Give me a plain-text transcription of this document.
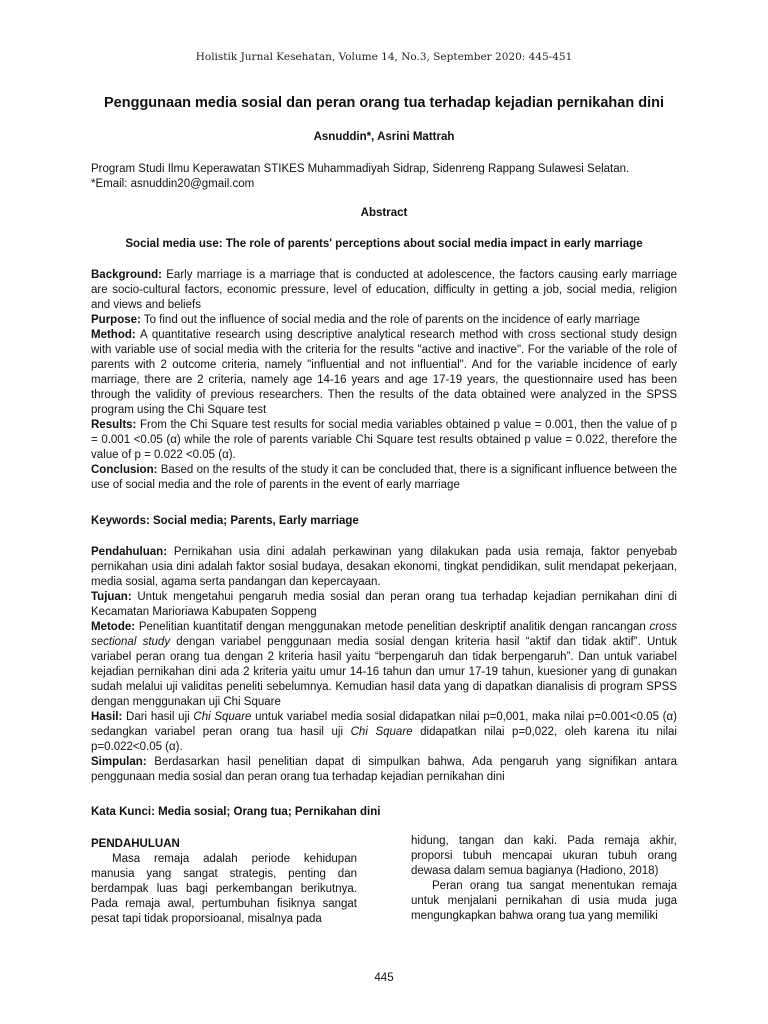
Holistik Jurnal Kesehatan, Volume 14, No.3, September 2020: 445-451
Penggunaan media sosial dan peran orang tua terhadap kejadian pernikahan dini
Asnuddin*, Asrini Mattrah
Program Studi Ilmu Keperawatan STIKES Muhammadiyah Sidrap, Sidenreng Rappang Sulawesi Selatan.
*Email: asnuddin20@gmail.com
Abstract
Social media use: The role of parents' perceptions about social media impact in early marriage

Background: Early marriage is a marriage that is conducted at adolescence, the factors causing early marriage are socio-cultural factors, economic pressure, level of education, difficulty in getting a job, social media, religion and views and beliefs

Purpose: To find out the influence of social media and the role of parents on the incidence of early marriage

Method: A quantitative research using descriptive analytical research method with cross sectional study design with variable use of social media with the criteria for the results "active and inactive". For the variable of the role of parents with 2 outcome criteria, namely "influential and not influential". And for the variable incidence of early marriage, there are 2 criteria, namely age 14-16 years and age 17-19 years, the questionnaire used has been through the validity of previous researchers. Then the results of the data obtained were analyzed in the SPSS program using the Chi Square test

Results: From the Chi Square test results for social media variables obtained p value = 0.001, then the value of p = 0.001 <0.05 (α) while the role of parents variable Chi Square test results obtained p value = 0.022, therefore the value of p = 0.022 <0.05 (α).

Conclusion: Based on the results of the study it can be concluded that, there is a significant influence between the use of social media and the role of parents in the event of early marriage

Keywords: Social media; Parents, Early marriage

Pendahuluan: Pernikahan usia dini adalah perkawinan yang dilakukan pada usia remaja, faktor penyebab pernikahan usia dini adalah faktor sosial budaya, desakan ekonomi, tingkat pendidikan, sulit mendapat pekerjaan, media sosial, agama serta pandangan dan kepercayaan.

Tujuan: Untuk mengetahui pengaruh media sosial dan peran orang tua terhadap kejadian pernikahan dini di Kecamatan Marioriawa Kabupaten Soppeng

Metode: Penelitian kuantitatif dengan menggunakan metode penelitian deskriptif analitik dengan rancangan cross sectional study dengan variabel penggunaan media sosial dengan kriteria hasil “aktif dan tidak aktif”. Untuk variabel peran orang tua dengan 2 kriteria hasil yaitu “berpengaruh dan tidak berpengaruh”. Dan untuk variabel kejadian pernikahan dini ada 2 kriteria yaitu umur 14-16 tahun dan umur 17-19 tahun, kuesioner yang di gunakan sudah melalui uji validitas peneliti sebelumnya. Kemudian hasil data yang di dapatkan dianalisis di program SPSS dengan menggunakan uji Chi Square

Hasil: Dari hasil uji Chi Square untuk variabel media sosial didapatkan nilai p=0,001, maka nilai p=0.001<0.05 (α) sedangkan variabel peran orang tua hasil uji Chi Square didapatkan nilai p=0,022, oleh karena itu nilai p=0.022<0.05 (α).

Simpulan: Berdasarkan hasil penelitian dapat di simpulkan bahwa, Ada pengaruh yang signifikan antara penggunaan media sosial dan peran orang tua terhadap kejadian pernikahan dini

Kata Kunci: Media sosial; Orang tua; Pernikahan dini

PENDAHULUAN

Masa remaja adalah periode kehidupan manusia yang sangat strategis, penting dan berdampak luas bagi perkembangan berikutnya. Pada remaja awal, pertumbuhan fisiknya sangat pesat tapi tidak proporsioanal, misalnya pada

hidung, tangan dan kaki. Pada remaja akhir, proporsi tubuh mencapai ukuran tubuh orang dewasa dalam semua bagianya (Hadiono, 2018)

Peran orang tua sangat menentukan remaja untuk menjalani pernikahan di usia muda juga mengungkapkan bahwa orang tua yang memiliki

445
